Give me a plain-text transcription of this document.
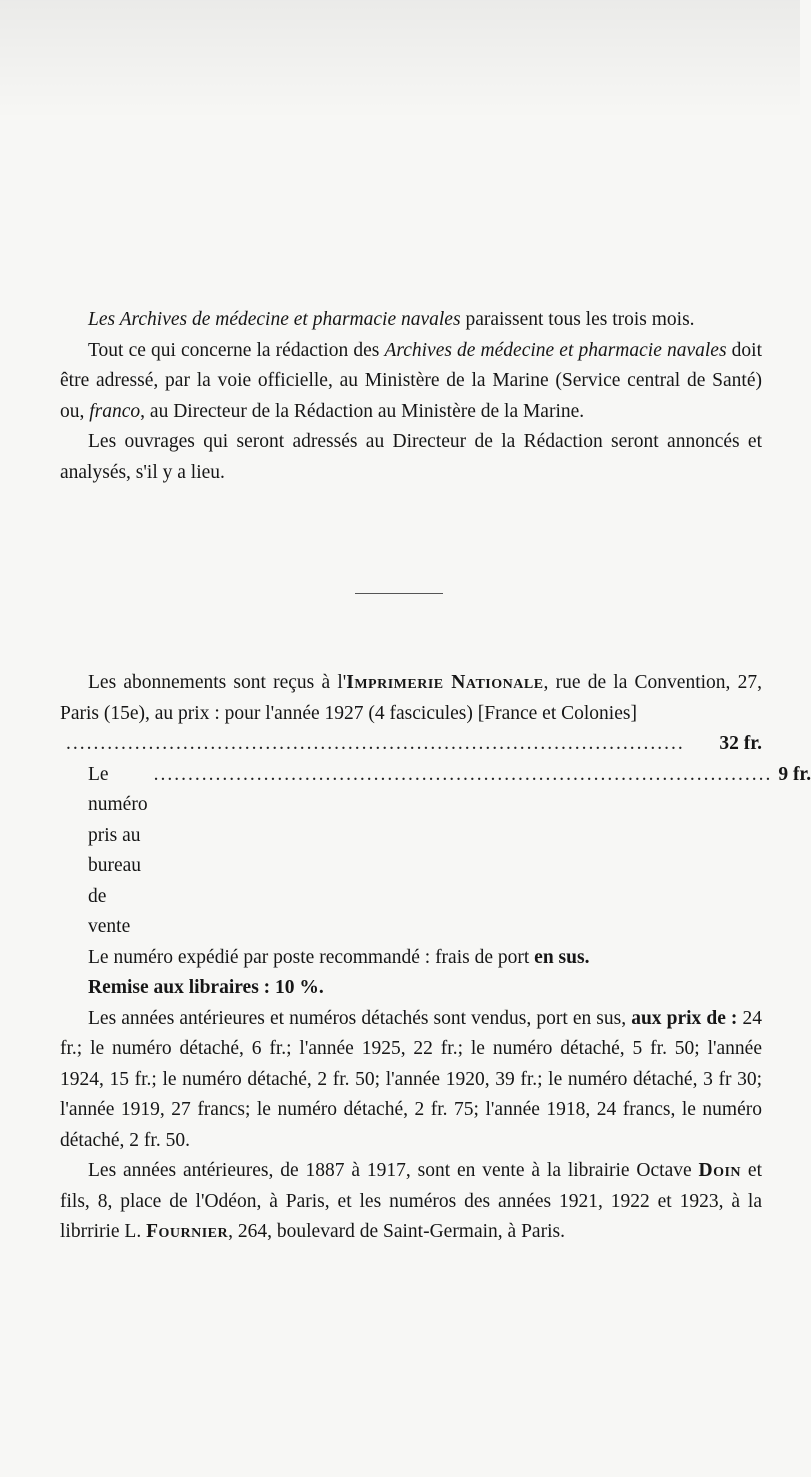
Les Archives de médecine et pharmacie navales paraissent tous les trois mois.

Tout ce qui concerne la rédaction des Archives de médecine et pharmacie navales doit être adressé, par la voie officielle, au Ministère de la Marine (Service central de Santé) ou, franco, au Directeur de la Rédaction au Ministère de la Marine.

Les ouvrages qui seront adressés au Directeur de la Rédaction seront annoncés et analysés, s'il y a lieu.

Les abonnements sont reçus à l'Imprimerie Nationale, rue de la Convention, 27, Paris (15e), au prix : pour l'année 1927 (4 fascicules) [France et Colonies]

..........................................................................................	32 fr.
Le numéro pris au bureau de vente
.......................................................................................... 9 fr.

Le numéro expédié par poste recommandé : frais de port en sus.

Remise aux libraires : 10 %.

Les années antérieures et numéros détachés sont vendus, port en sus, aux prix de : 24 fr.; le numéro détaché, 6 fr.; l'année 1925, 22 fr.; le numéro détaché, 5 fr. 50; l'année 1924, 15 fr.; le numéro détaché, 2 fr. 50; l'année 1920, 39 fr.; le numéro détaché, 3 fr 30; l'année 1919, 27 francs; le numéro détaché, 2 fr. 75; l'année 1918, 24 francs, le numéro détaché, 2 fr. 50.

Les années antérieures, de 1887 à 1917, sont en vente à la librairie Octave Doin et fils, 8, place de l'Odéon, à Paris, et les numéros des années 1921, 1922 et 1923, à la librririe L. Fournier, 264, boulevard de Saint-Germain, à Paris.
